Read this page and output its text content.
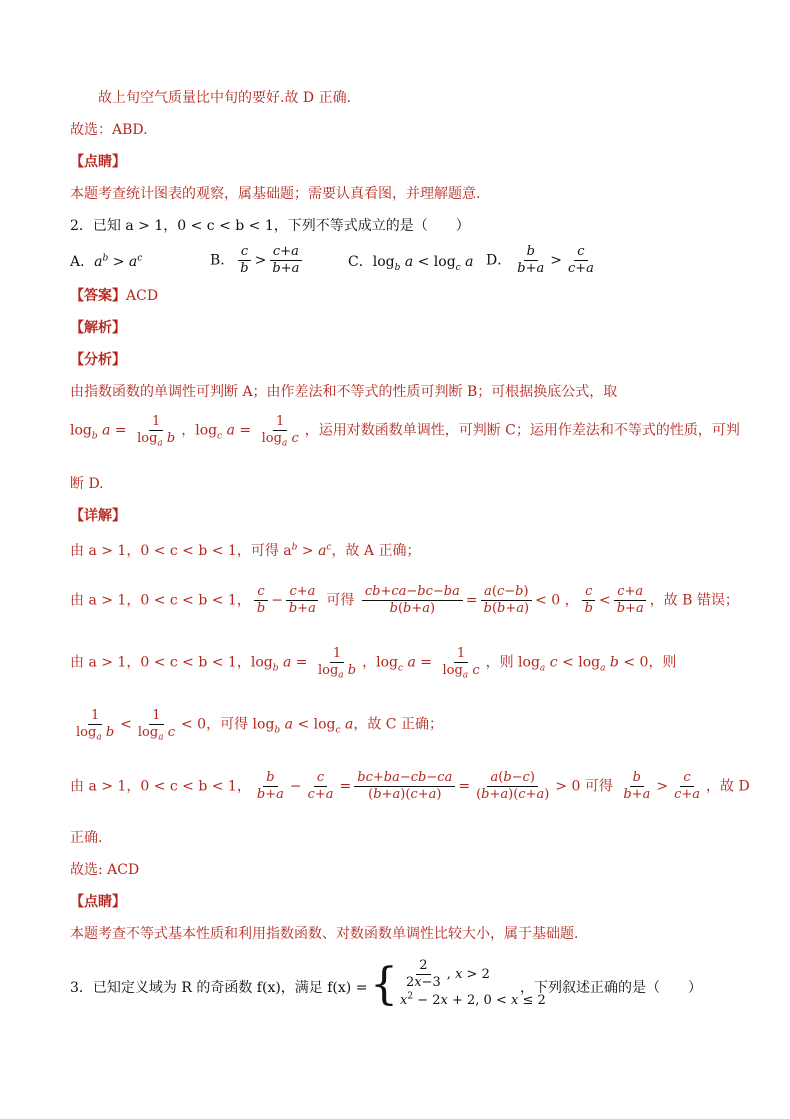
故上旬空气质量比中旬的要好.故 D 正确.
故选：ABD.
【点睛】
本题考查统计图表的观察，属基础题；需要认真看图，并理解题意.
2．已知 a > 1，0 < c < b < 1，下列不等式成立的是（　　）
A．$a^b > a^c$	B． $\frac{c}{b} > \frac{c+a}{b+a}$	C．$\log_b a < \log_c a$ D． $\frac{b}{b+a} > \frac{c}{c+a}$
【答案】ACD
【解析】
【分析】
由指数函数的单调性可判断 A；由作差法和不等式的性质可判断 B；可根据换底公式，取
$\log_b a = \frac{1}{\log_a b}$ ，$\log_c a = \frac{1}{\log_a c}$ ，运用对数函数单调性，可判断 C；运用作差法和不等式的性质，可判
断 D.
【详解】
由 a > 1，0 < c < b < 1，可得 $a^b > a^c$，故 A 正确；
由 a > 1，0 < c < b < 1， $\frac{c}{b} - \frac{c+a}{b+a}$ 可得 $\frac{cb+ca-bc-ba}{b(b+a)} = \frac{a(c-b)}{b(b+a)} < 0$ ， $\frac{c}{b} < \frac{c+a}{b+a}$ ，故 B 错误；
由 a > 1，0 < c < b < 1，$\log_b a = \frac{1}{\log_a b}$ ，$\log_c a = \frac{1}{\log_a c}$ ，则 $\log_a c < \log_a b < 0$，则
$\frac{1}{\log_a b} < \frac{1}{\log_a c} < 0$，可得 $\log_b a < \log_c a$，故 C 正确；
由 a > 1，0 < c < b < 1， $\frac{b}{b+a} - \frac{c}{c+a} = \frac{bc+ba-cb-ca}{(b+a)(c+a)} = \frac{a(b-c)}{(b+a)(c+a)} > 0$ 可得 $\frac{b}{b+a} > \frac{c}{c+a}$ ，故 D
正确.
故选: ACD
【点睛】
本题考查不等式基本性质和利用指数函数、对数函数单调性比较大小，属于基础题.
3．已知定义域为 R 的奇函数 f(x)，满足 f(x) = { $\frac{2}{2x-3}$ , x > 2
$x^2 - 2x + 2$, 0 < x ≤ 2
，下列叙述正确的是（　　）
